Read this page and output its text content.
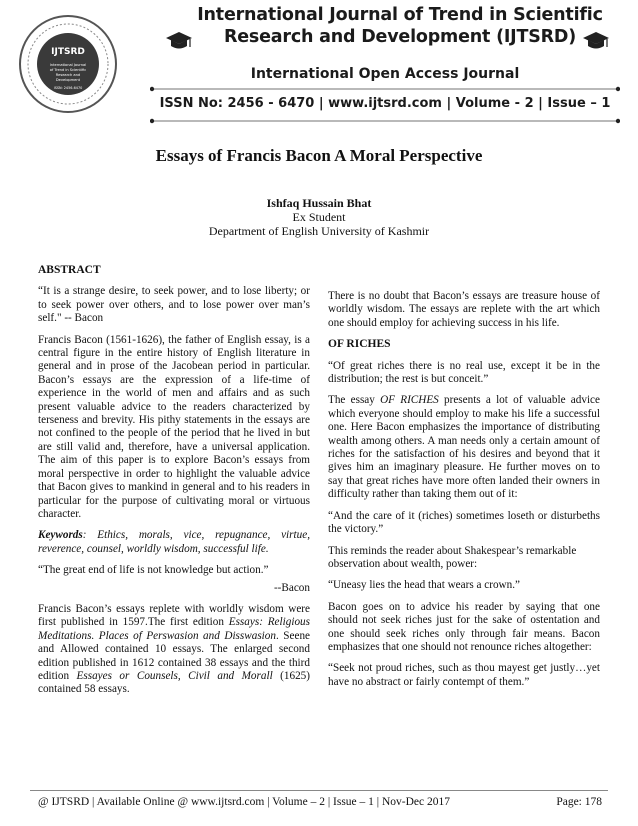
IJTSRD
International Journal
of Trend in Scientific
Research and
Development
ISSN: 2456-6470
International Journal of Trend in Scientific
Research and Development (IJTSRD)
International Open Access Journal
ISSN No: 2456 - 6470 | www.ijtsrd.com | Volume - 2 | Issue – 1
Essays of Francis Bacon A Moral Perspective
Ishfaq Hussain Bhat
Ex Student
Department of English University of Kashmir
ABSTRACT

“It is a strange desire, to seek power, and to lose liberty; or to seek power over others, and to lose power over man’s self." -- Bacon

Francis Bacon (1561-1626), the father of English essay, is a central figure in the entire history of English literature in general and in prose of the Jacobean period in particular. Bacon’s essays are the expression of a life-time of experience in the world of men and affairs and as such present valuable advice to the readers characterized by terseness and brevity. His pithy statements in the essays are not confined to the people of the period that he lived in but are still valid and, therefore, have a universal application. The aim of this paper is to explore Bacon’s essays from moral perspective in order to highlight the valuable advice that Bacon gives to mankind in general and to his readers in particular for the purpose of cultivating moral or virtuous character.

Keywords: Ethics, morals, vice, repugnance, virtue, reverence, counsel, worldly wisdom, successful life.

“The great end of life is not knowledge but action.”

--Bacon

Francis Bacon’s essays replete with worldly wisdom were first published in 1597.The first edition Essays: Religious Meditations. Places of Perswasion and Disswasion. Seene and Allowed contained 10 essays. The enlarged second edition published in 1612 contained 38 essays and the third edition Essayes or Counsels, Civil and Morall (1625) contained 58 essays.

There is no doubt that Bacon’s essays are treasure house of worldly wisdom. The essays are replete with the art which one should employ for achieving success in his life.

OF RICHES

“Of great riches there is no real use, except it be in the distribution; the rest is but conceit.”

The essay OF RICHES presents a lot of valuable advice which everyone should employ to make his life a successful one. Here Bacon emphasizes the importance of distributing wealth among others. A man needs only a certain amount of riches for the satisfaction of his desires and beyond that it gives him an imaginary pleasure. He further moves on to say that great riches have more often landed their owners in difficulty rather than taking them out of it:

“And the care of it (riches) sometimes loseth or disturbeths the victory.”

This reminds the reader about Shakespear’s remarkable observation about wealth, power:

“Uneasy lies the head that wears a crown.”

Bacon goes on to advice his reader by saying that one should not seek riches just for the sake of ostentation and one should seek riches only through fair means. Bacon emphasizes that one should not renounce riches altogether:

“Seek not proud riches, such as thou mayest get justly…yet have no abstract or fairly contempt of them.”

@ IJTSRD | Available Online @ www.ijtsrd.com | Volume – 2 | Issue – 1 | Nov-Dec 2017	Page: 178
